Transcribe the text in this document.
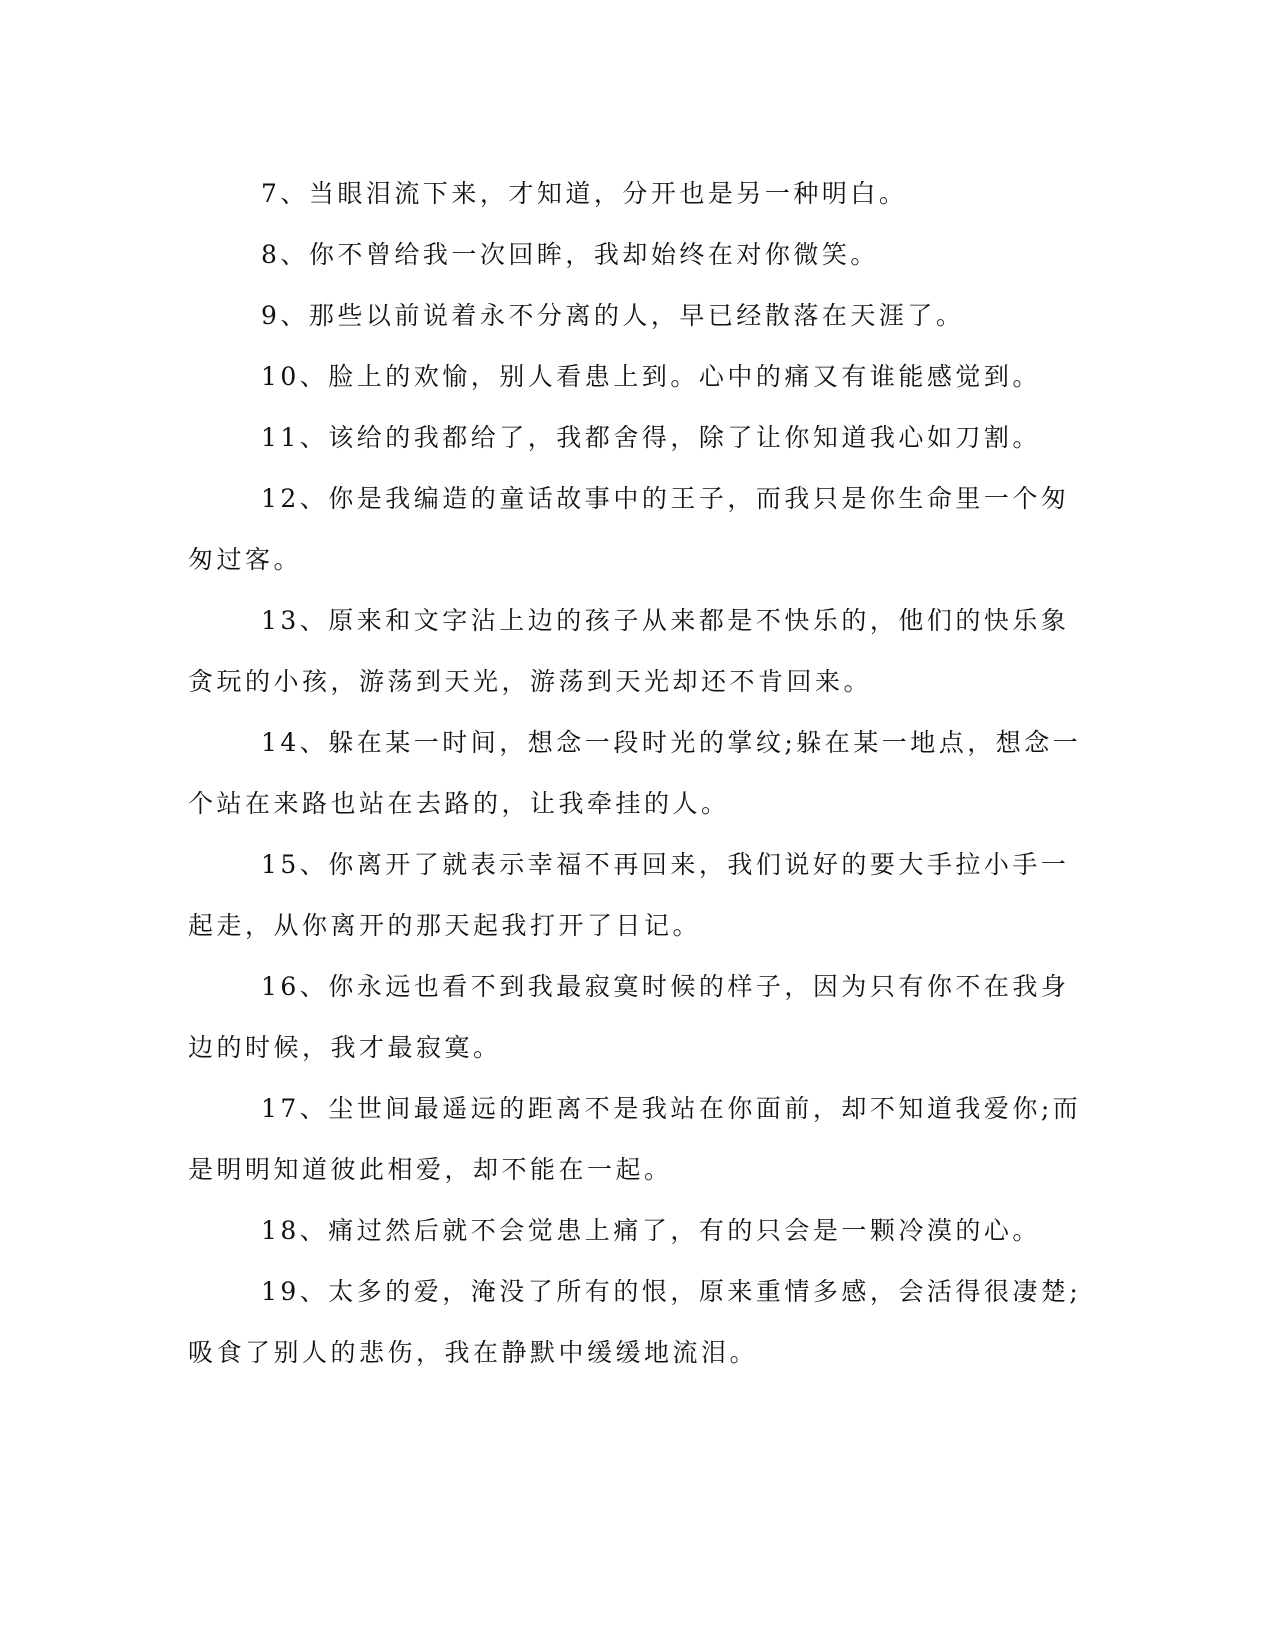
7、当眼泪流下来，才知道，分开也是另一种明白。

8、你不曾给我一次回眸，我却始终在对你微笑。

9、那些以前说着永不分离的人，早已经散落在天涯了。

10、脸上的欢愉，别人看患上到。心中的痛又有谁能感觉到。

11、该给的我都给了，我都舍得，除了让你知道我心如刀割。

12、你是我编造的童话故事中的王子，而我只是你生命里一个匆匆过客。

13、原来和文字沾上边的孩子从来都是不快乐的，他们的快乐象贪玩的小孩，游荡到天光，游荡到天光却还不肯回来。

14、躲在某一时间，想念一段时光的掌纹;躲在某一地点，想念一个站在来路也站在去路的，让我牵挂的人。

15、你离开了就表示幸福不再回来，我们说好的要大手拉小手一起走，从你离开的那天起我打开了日记。

16、你永远也看不到我最寂寞时候的样子，因为只有你不在我身边的时候，我才最寂寞。

17、尘世间最遥远的距离不是我站在你面前，却不知道我爱你;而是明明知道彼此相爱，却不能在一起。

18、痛过然后就不会觉患上痛了，有的只会是一颗冷漠的心。

19、太多的爱，淹没了所有的恨，原来重情多感，会活得很凄楚;吸食了别人的悲伤，我在静默中缓缓地流泪。
